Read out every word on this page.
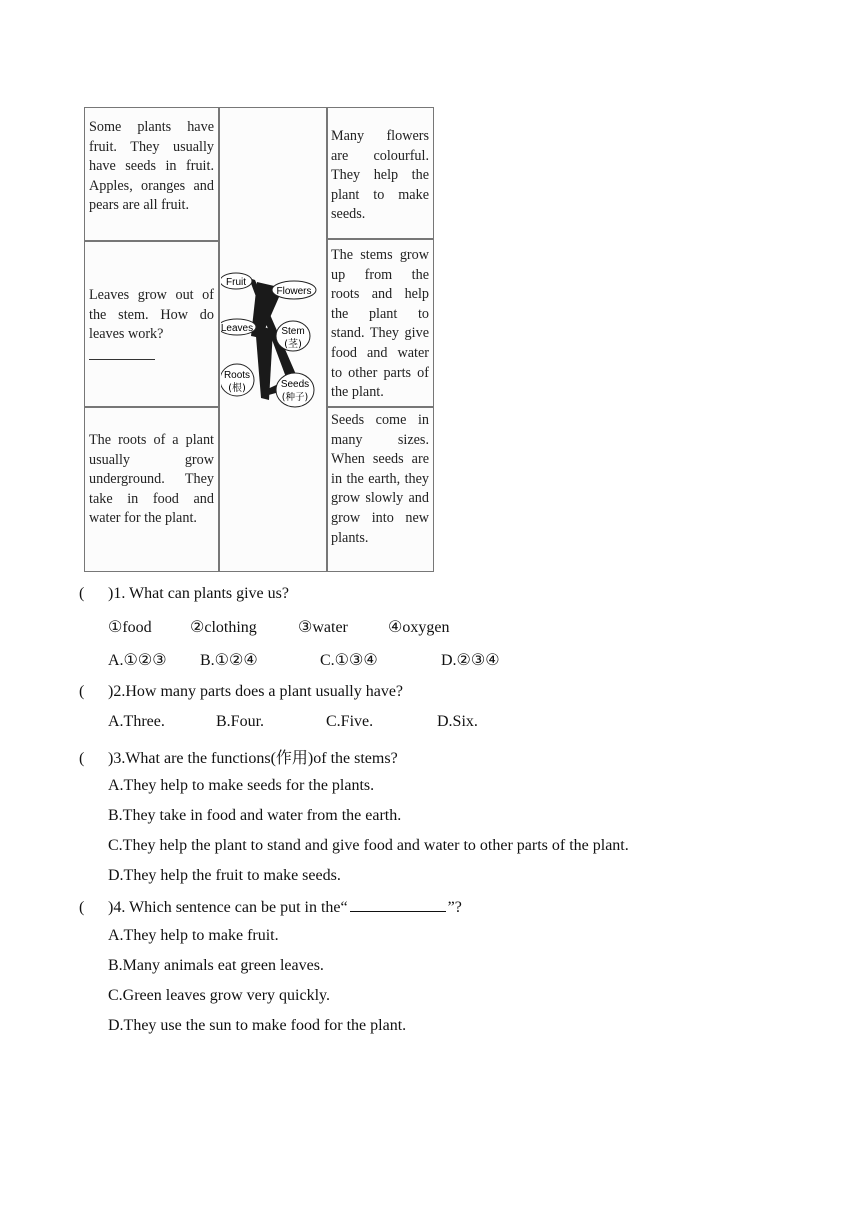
Some plants have fruit. They usually have seeds in fruit. Apples, oranges and pears are all fruit.
Leaves grow out of the stem. How do leaves work?
The roots of a plant usually grow underground. They take in food and water for the plant.
Many flowers are colourful. They help the plant to make seeds.
The stems grow up from the roots and help the plant to stand. They give food and water to other parts of the plant.
Seeds come in many sizes. When seeds are in the earth, they grow slowly and grow into new plants.
Fruit
Flowers
Leaves	Stem
(茎)
Roots
(根)	Seeds
(种子)
( )1. What can plants give us?
①food ②clothing	③water	④oxygen
A.①②③ B.①②④	C.①③④	D.②③④
( )2.How many parts does a plant usually have?
A.Three.	B.Four.	C.Five.	D.Six.
( )3.What are the functions(作用)of the stems?
A.They help to make seeds for the plants.
B.They take in food and water from the earth.
C.They help the plant to stand and give food and water to other parts of the plant.
D.They help the fruit to make seeds.
( )4. Which sentence can be put in the“	”?
A.They help to make fruit.
B.Many animals eat green leaves.
C.Green leaves grow very quickly.
D.They use the sun to make food for the plant.
